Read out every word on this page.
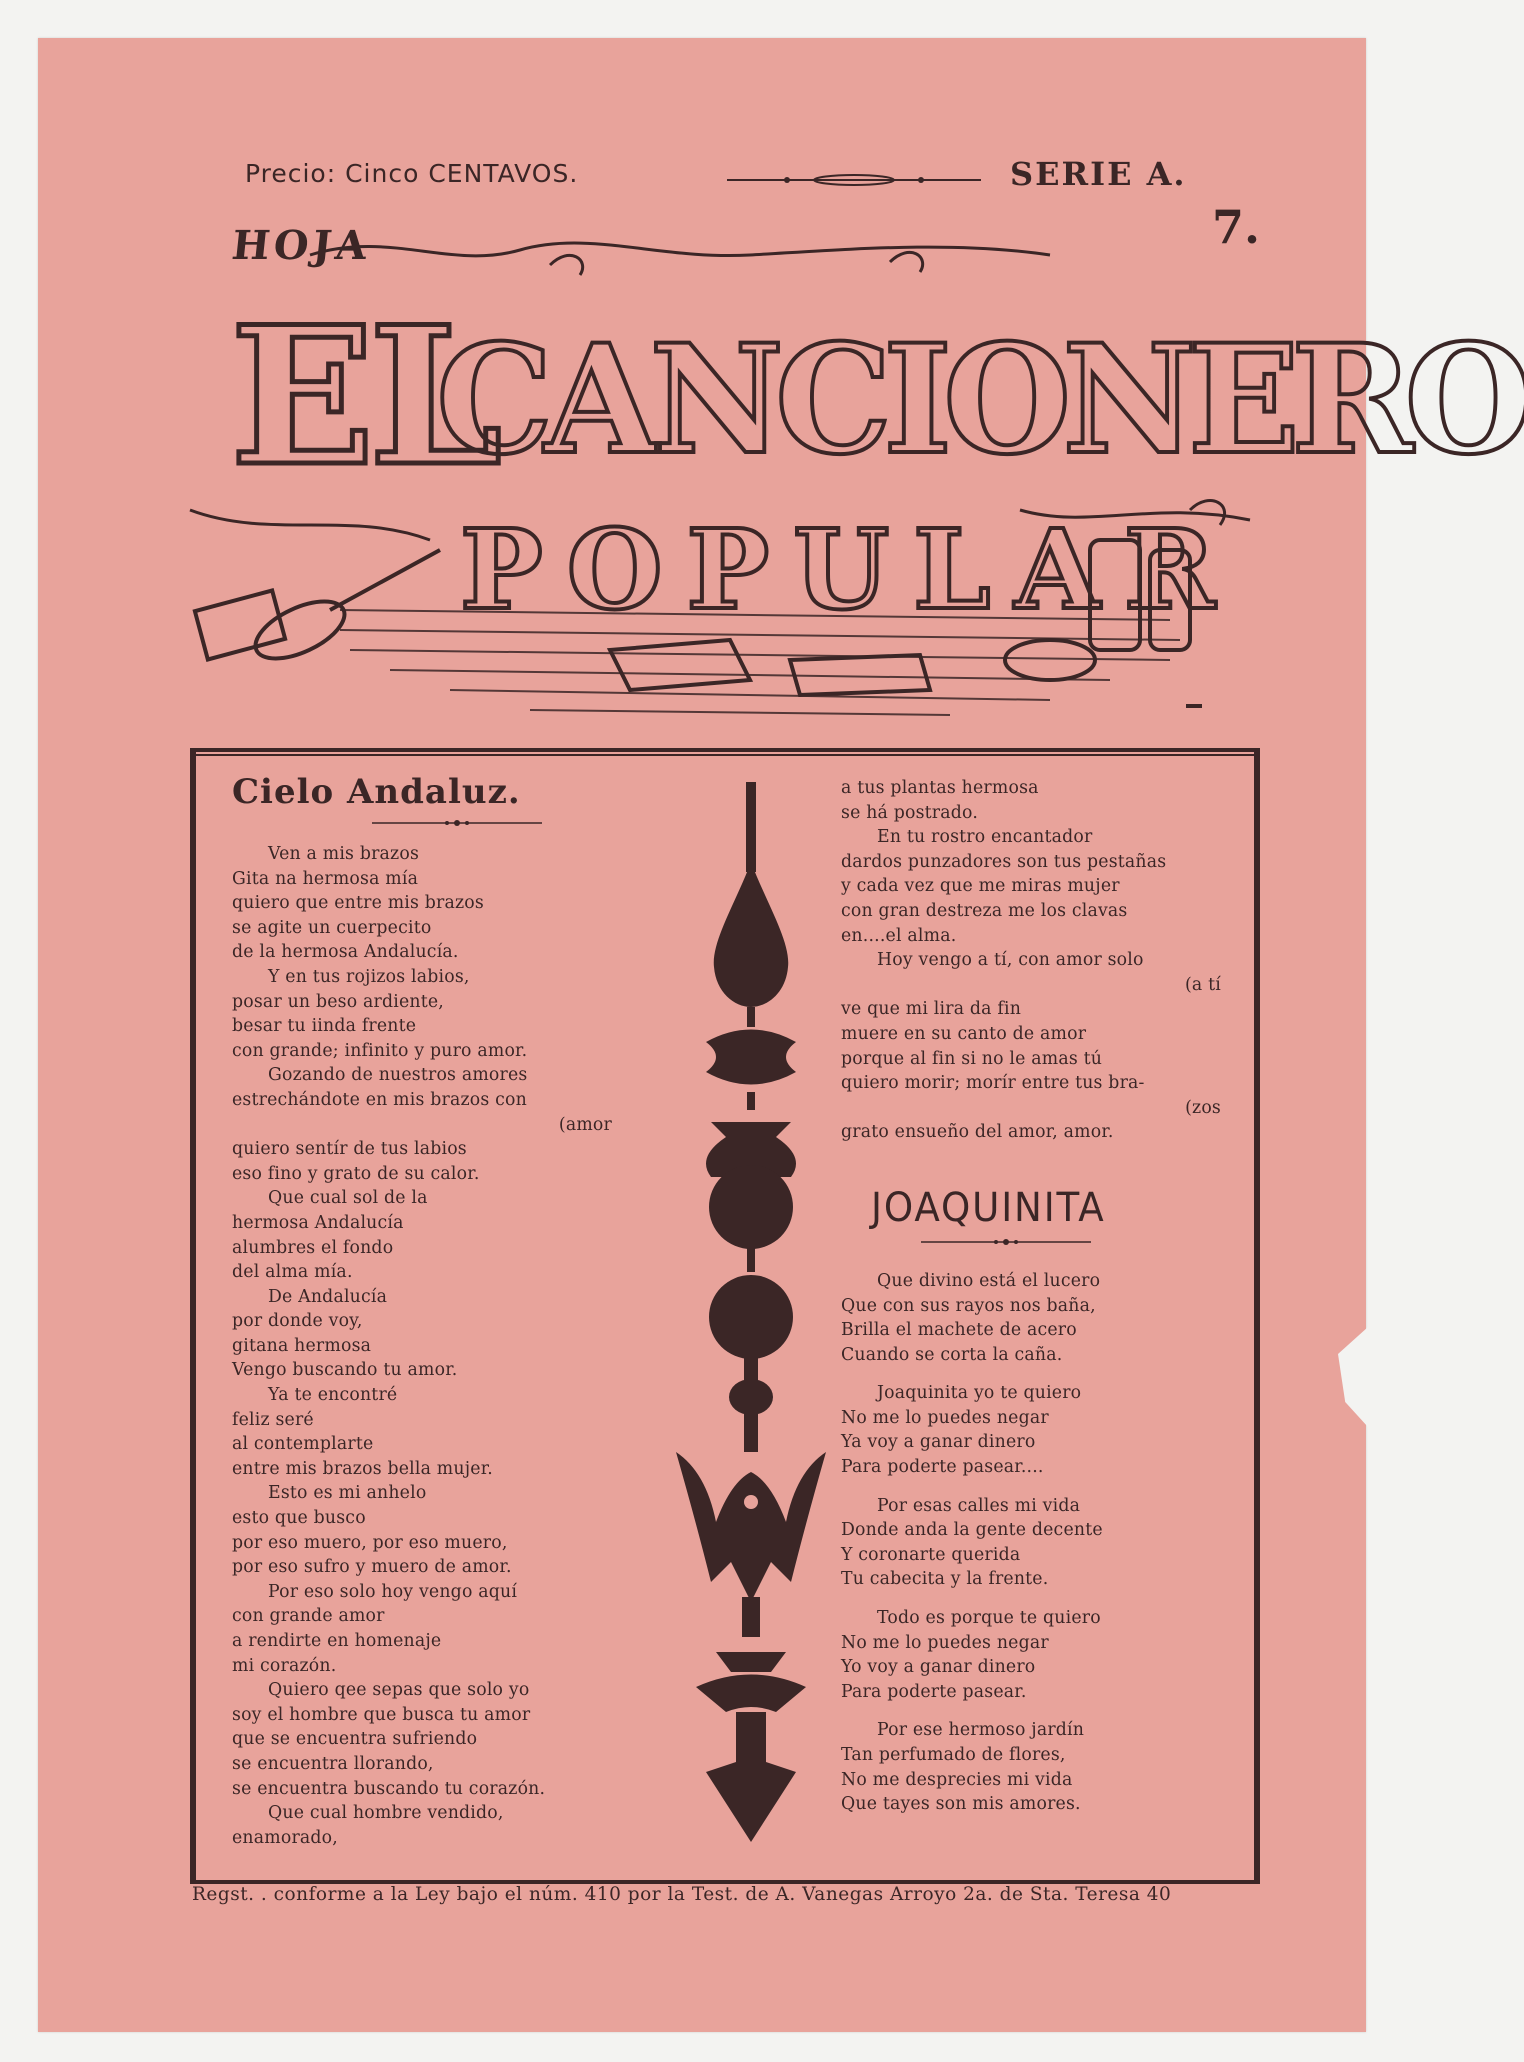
Precio: Cinco CENTAVOS.	SERIE A.
7.
HOJA
EL
CANCIONERO
POPULAR
Cielo Andaluz.
Ven a mis brazos
Gita na hermosa mía
quiero que entre mis brazos
se agite un cuerpecito
de la hermosa Andalucía.
Y en tus rojizos labios,
posar un beso ardiente,
besar tu iinda frente
con grande; infinito y puro amor.
Gozando de nuestros amores
estrechándote en mis brazos con
(amor
quiero sentír de tus labios
eso fino y grato de su calor.
Que cual sol de la
hermosa Andalucía
alumbres el fondo
del alma mía.
De Andalucía
por donde voy,
gitana hermosa
Vengo buscando tu amor.
Ya te encontré
feliz seré
al contemplarte
entre mis brazos bella mujer.
Esto es mi anhelo
esto que busco
por eso muero, por eso muero,
por eso sufro y muero de amor.
Por eso solo hoy vengo aquí
con grande amor
a rendirte en homenaje
mi corazón.
Quiero qee sepas que solo yo
soy el hombre que busca tu amor
que se encuentra sufriendo
se encuentra llorando,
se encuentra buscando tu corazón.
Que cual hombre vendido,
enamorado,
a tus plantas hermosa
se há postrado.
En tu rostro encantador
dardos punzadores son tus pestañas
y cada vez que me miras mujer
con gran destreza me los clavas
en....el alma.
Hoy vengo a tí, con amor solo
(a tí
ve que mi lira da fin
muere en su canto de amor
porque al fin si no le amas tú
quiero morir; morír entre tus bra-
(zos
grato ensueño del amor, amor.
JOAQUINITA
Que divino está el lucero
Que con sus rayos nos baña,
Brilla el machete de acero
Cuando se corta la caña.
Joaquinita yo te quiero
No me lo puedes negar
Ya voy a ganar dinero
Para poderte pasear....
Por esas calles mi vida
Donde anda la gente decente
Y coronarte querida
Tu cabecita y la frente.
Todo es porque te quiero
No me lo puedes negar
Yo voy a ganar dinero
Para poderte pasear.
Por ese hermoso jardín
Tan perfumado de flores,
No me desprecies mi vida
Que tayes son mis amores.
Regst. . conforme a la Ley bajo el núm. 410 por la Test. de A. Vanegas Arroyo 2a. de Sta. Teresa 40
